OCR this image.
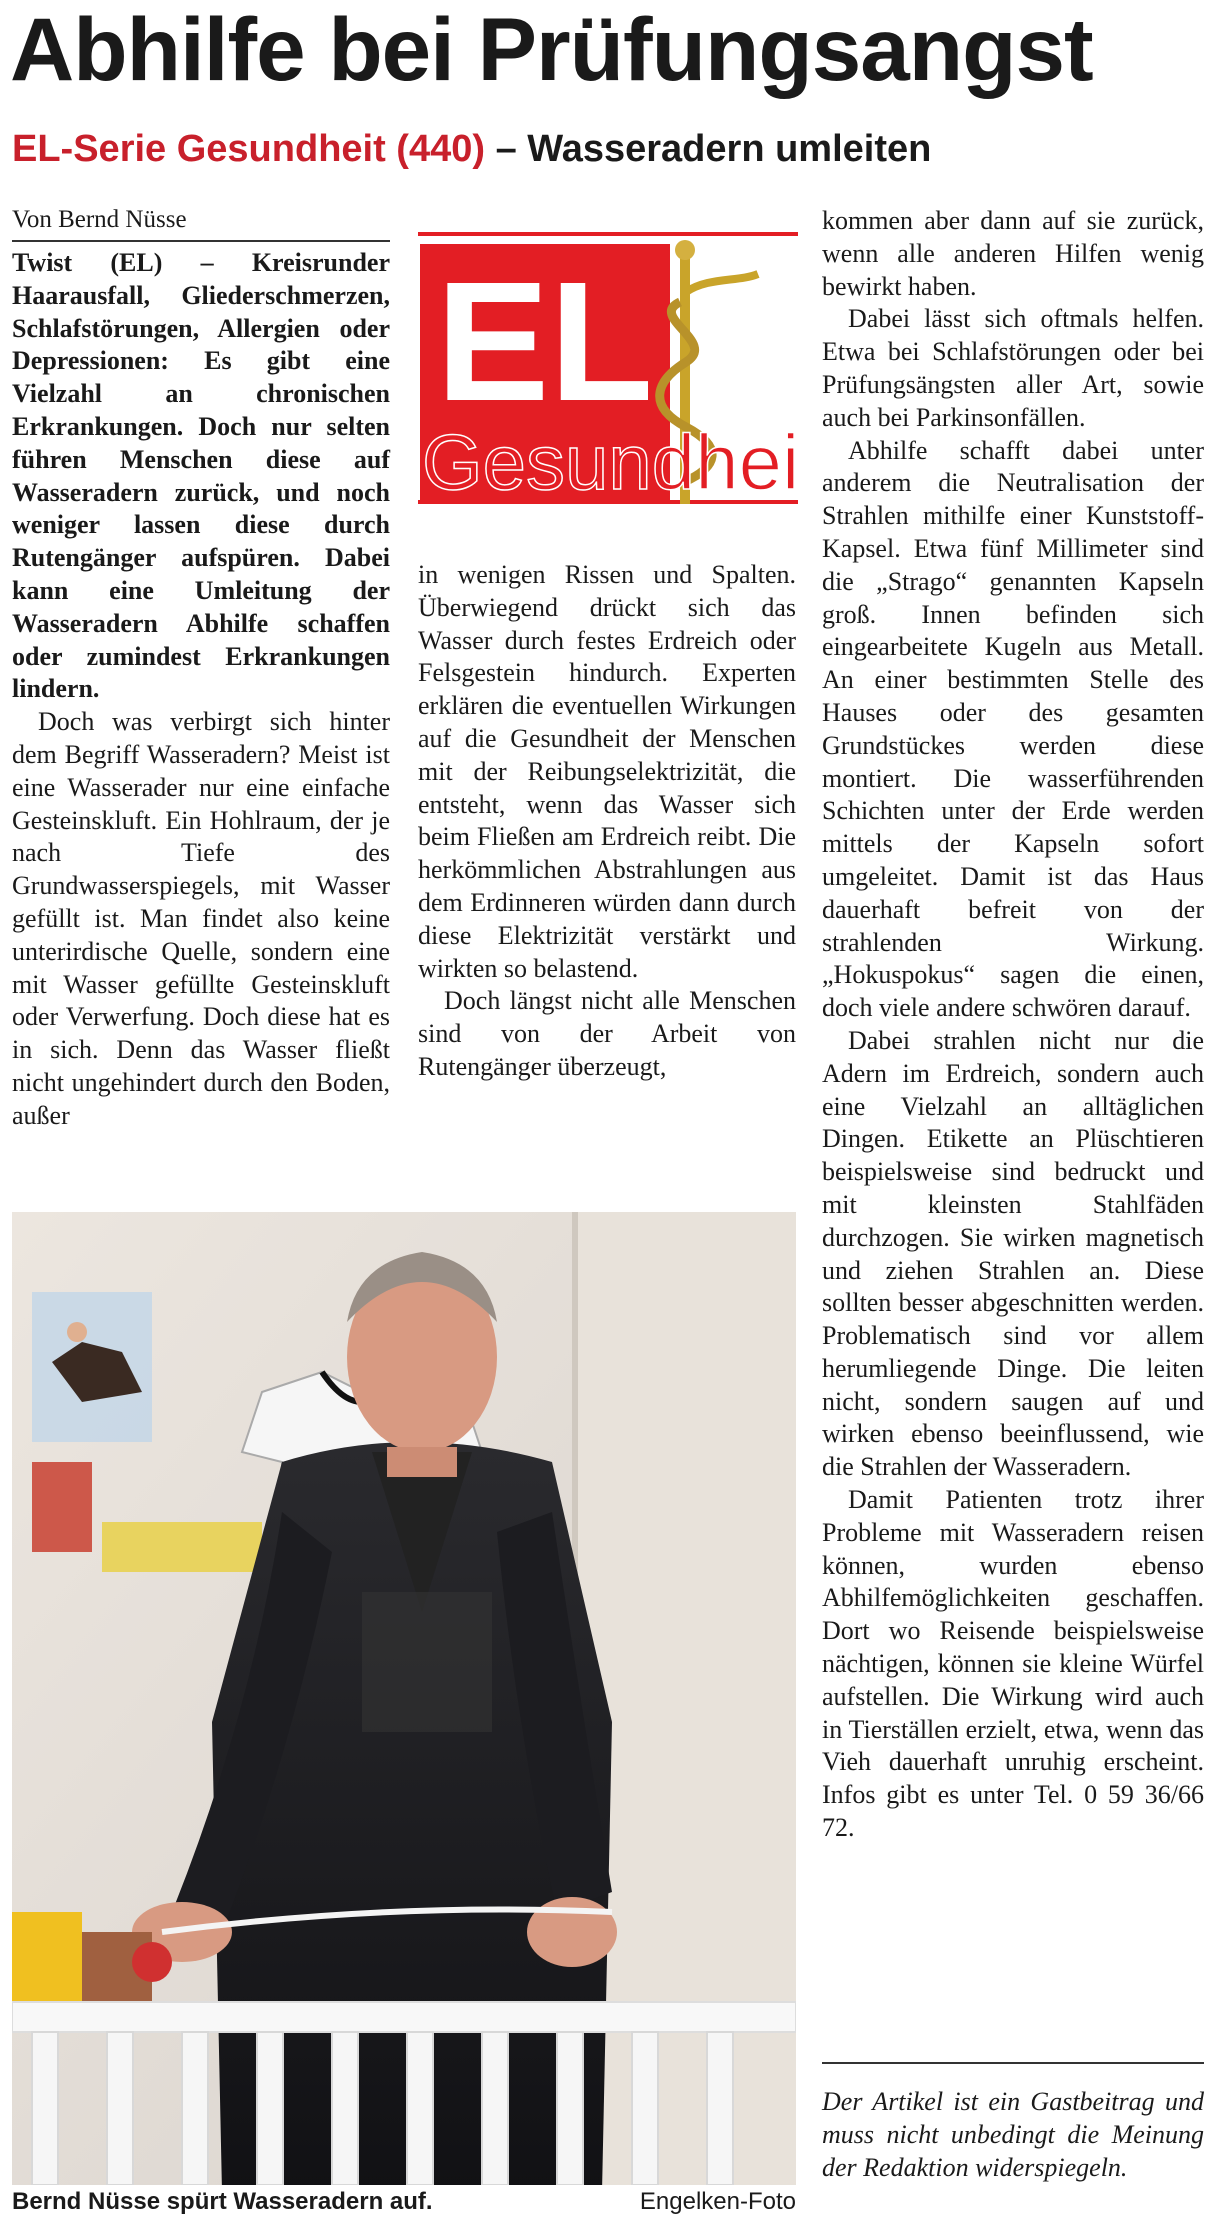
Abhilfe bei Prüfungsangst
EL-Serie Gesundheit (440) – Wasseradern umleiten
Von Bernd Nüsse

Twist (EL) – Kreisrunder Haarausfall, Gliederschmerzen, Schlafstörungen, Allergien oder Depressionen: Es gibt eine Vielzahl an chronischen Erkrankungen. Doch nur selten führen Menschen diese auf Wasseradern zurück, und noch weniger lassen diese durch Rutengänger aufspüren. Dabei kann eine Umleitung der Wasseradern Abhilfe schaffen oder zumindest Erkrankungen lindern.

Doch was verbirgt sich hinter dem Begriff Wasseradern? Meist ist eine Wasserader nur eine einfache Gesteinskluft. Ein Hohlraum, der je nach Tiefe des Grundwasserspiegels, mit Wasser gefüllt ist. Man findet also keine unterirdische Quelle, sondern eine mit Wasser gefüllte Gesteinskluft oder Verwerfung. Doch diese hat es in sich. Denn das Wasser fließt nicht ungehindert durch den Boden, außer

EL
Gesundheit

in wenigen Rissen und Spalten. Überwiegend drückt sich das Wasser durch festes Erdreich oder Felsgestein hindurch. Experten erklären die eventuellen Wirkungen auf die Gesundheit der Menschen mit der Reibungselektrizität, die entsteht, wenn das Wasser sich beim Fließen am Erdreich reibt. Die herkömmlichen Abstrahlungen aus dem Erdinneren würden dann durch diese Elektrizität verstärkt und wirkten so belastend.

Doch längst nicht alle Menschen sind von der Arbeit von Rutengänger überzeugt,

kommen aber dann auf sie zurück, wenn alle anderen Hilfen wenig bewirkt haben.

Dabei lässt sich oftmals helfen. Etwa bei Schlafstörungen oder bei Prüfungsängsten aller Art, sowie auch bei Parkinsonfällen.

Abhilfe schafft dabei unter anderem die Neutralisation der Strahlen mithilfe einer Kunststoff-Kapsel. Etwa fünf Millimeter sind die „Strago“ genannten Kapseln groß. Innen befinden sich eingearbeitete Kugeln aus Metall. An einer bestimmten Stelle des Hauses oder des gesamten Grundstückes werden diese montiert. Die wasserführenden Schichten unter der Erde werden mittels der Kapseln sofort umgeleitet. Damit ist das Haus dauerhaft befreit von der strahlenden Wirkung. „Hokuspokus“ sagen die einen, doch viele andere schwören darauf.

Dabei strahlen nicht nur die Adern im Erdreich, sondern auch eine Vielzahl an alltäglichen Dingen. Etikette an Plüschtieren beispielsweise sind bedruckt und mit kleinsten Stahlfäden durchzogen. Sie wirken magnetisch und ziehen Strahlen an. Diese sollten besser abgeschnitten werden. Problematisch sind vor allem herumliegende Dinge. Die leiten nicht, sondern saugen auf und wirken ebenso beeinflussend, wie die Strahlen der Wasseradern.

Damit Patienten trotz ihrer Probleme mit Wasseradern reisen können, wurden ebenso Abhilfemöglichkeiten geschaffen. Dort wo Reisende beispielsweise nächtigen, können sie kleine Würfel aufstellen. Die Wirkung wird auch in Tierställen erzielt, etwa, wenn das Vieh dauerhaft unruhig erscheint. Infos gibt es unter Tel. 0 59 36/66 72.

Der Artikel ist ein Gastbeitrag und muss nicht unbedingt die Meinung der Redaktion widerspiegeln.
Bernd Nüsse spürt Wasseradern auf.	Engelken-Foto
